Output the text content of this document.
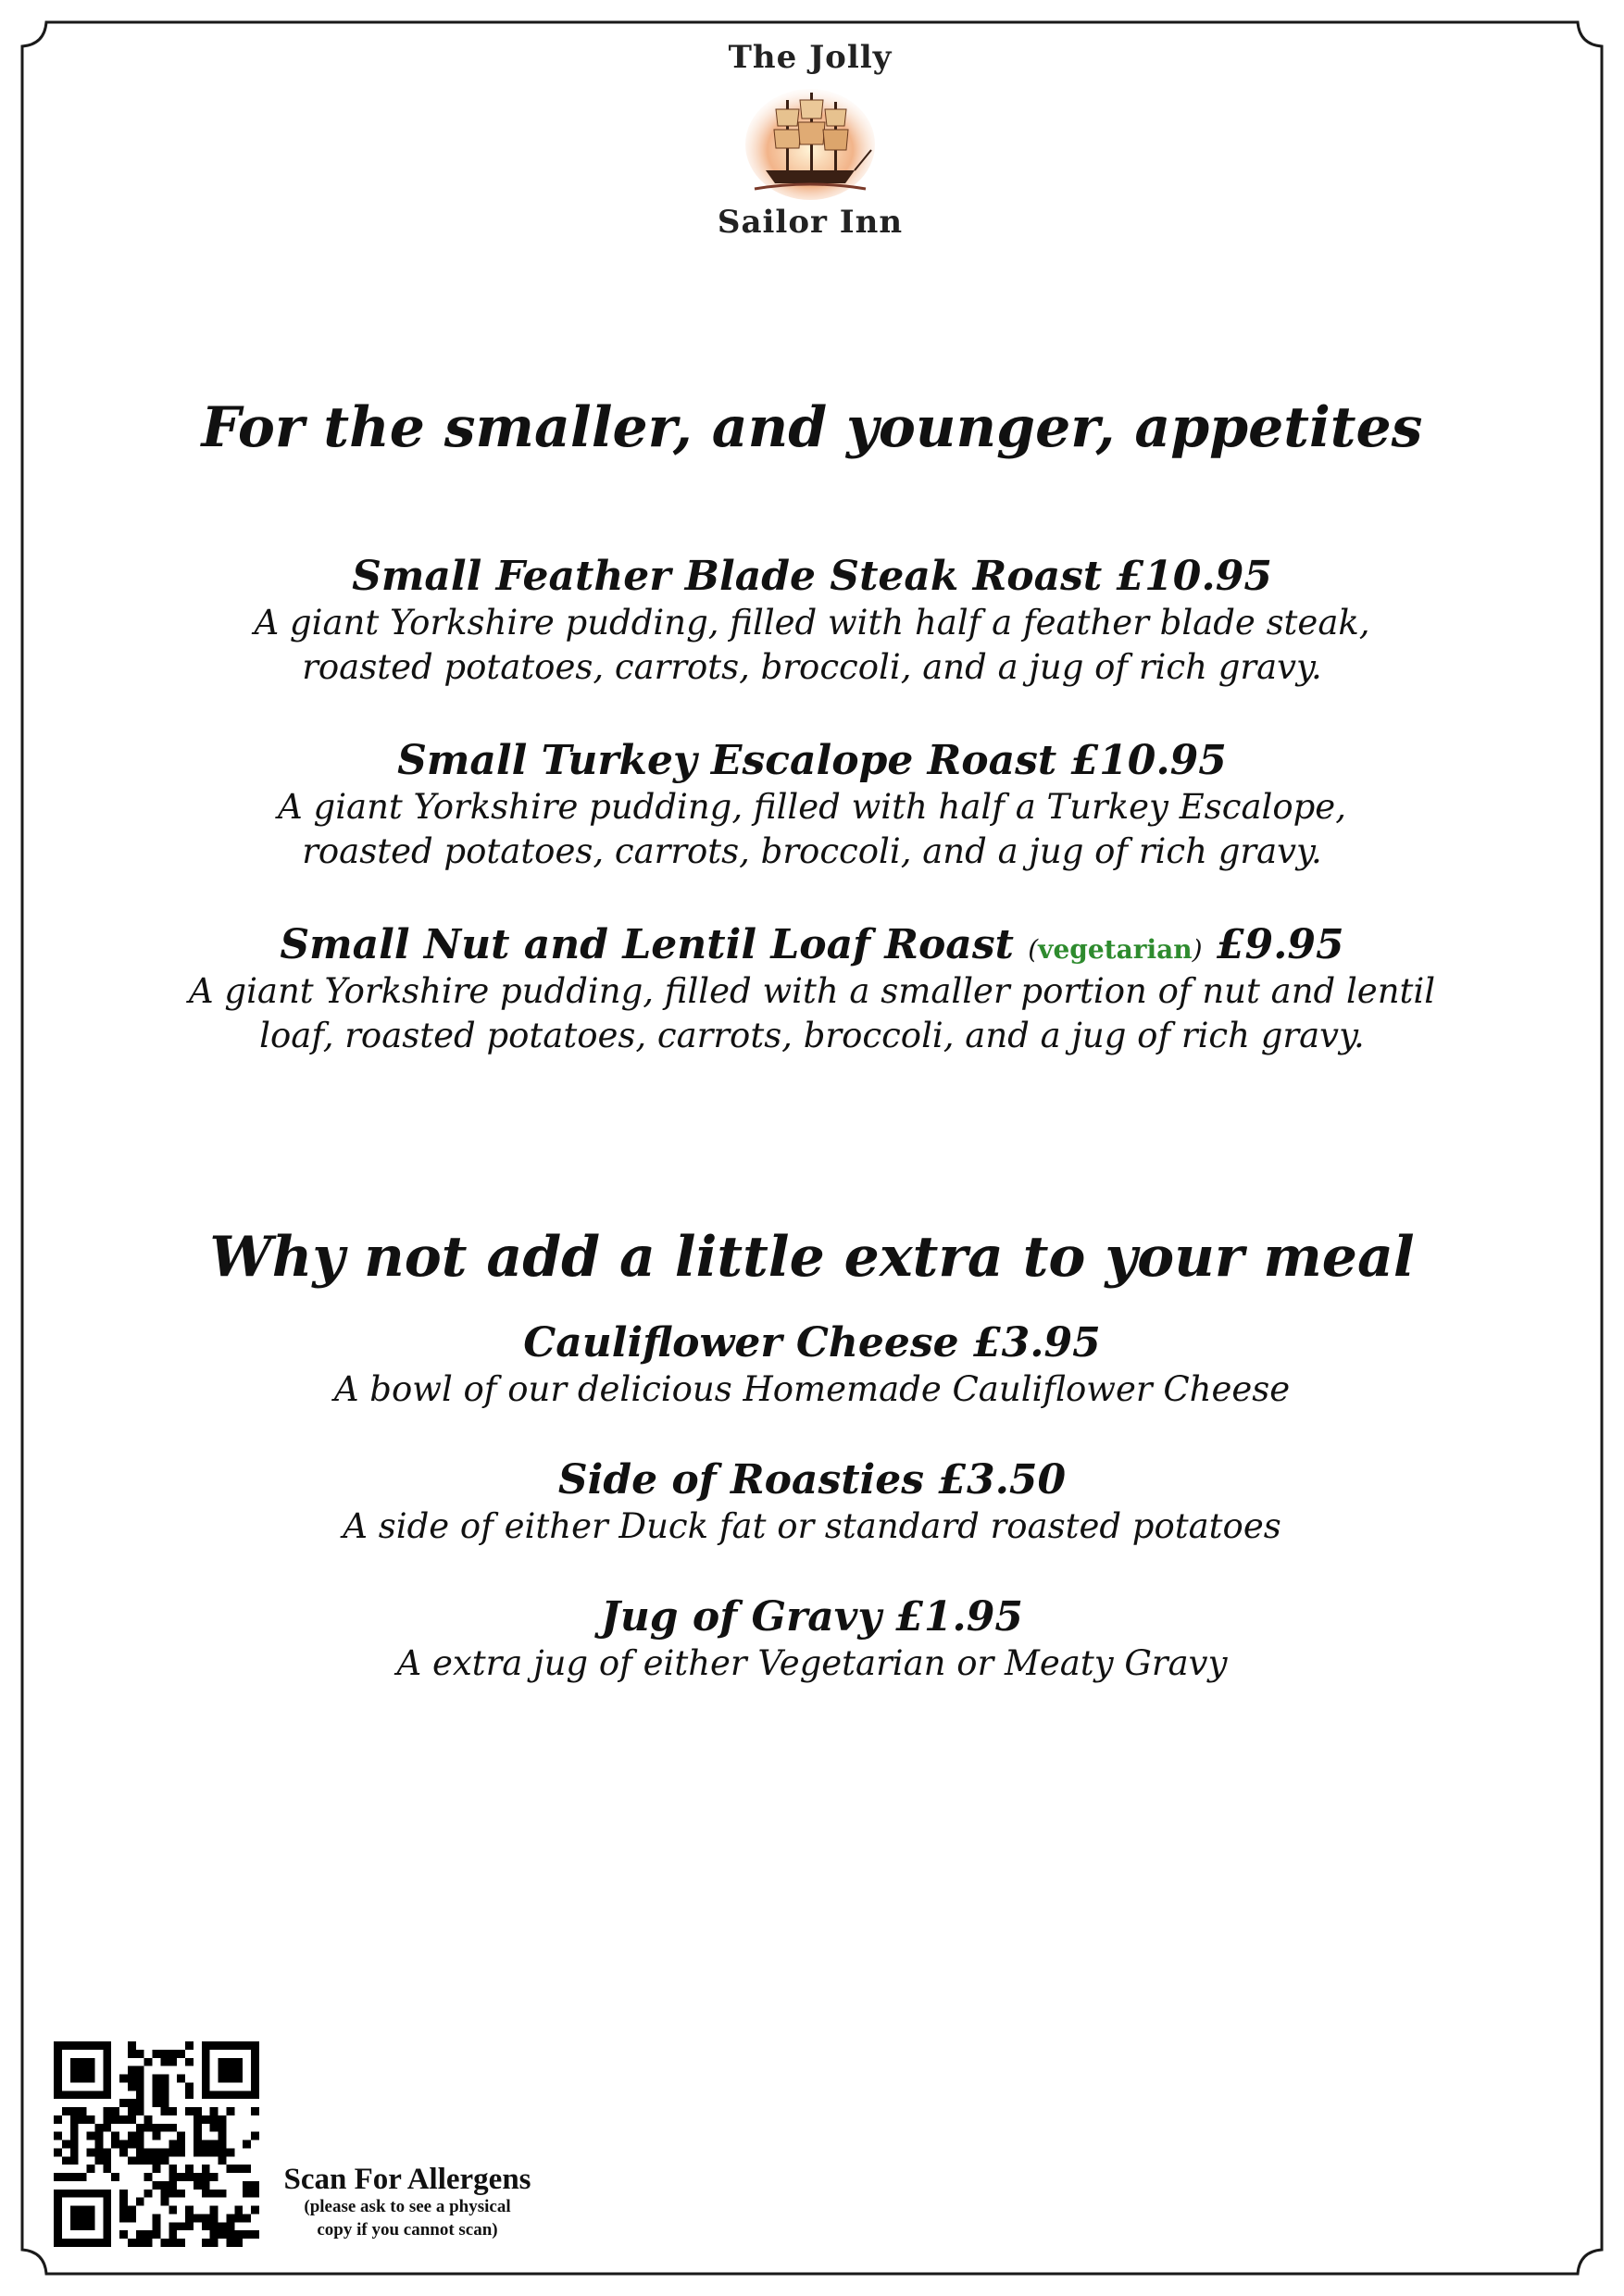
The Jolly
Sailor Inn
For the smaller, and younger, appetites
Small Feather Blade Steak Roast £10.95
A giant Yorkshire pudding, filled with half a feather blade steak,
roasted potatoes, carrots, broccoli, and a jug of rich gravy.
Small Turkey Escalope Roast £10.95
A giant Yorkshire pudding, filled with half a Turkey Escalope,
roasted potatoes, carrots, broccoli, and a jug of rich gravy.
Small Nut and Lentil Loaf Roast (vegetarian) £9.95
A giant Yorkshire pudding, filled with a smaller portion of nut and lentil
loaf, roasted potatoes, carrots, broccoli, and a jug of rich gravy.
Why not add a little extra to your meal
Cauliflower Cheese £3.95
A bowl of our delicious Homemade Cauliflower Cheese
Side of Roasties £3.50
A side of either Duck fat or standard roasted potatoes
Jug of Gravy £1.95
A extra jug of either Vegetarian or Meaty Gravy
Scan For Allergens
(please ask to see a physical
copy if you cannot scan)
